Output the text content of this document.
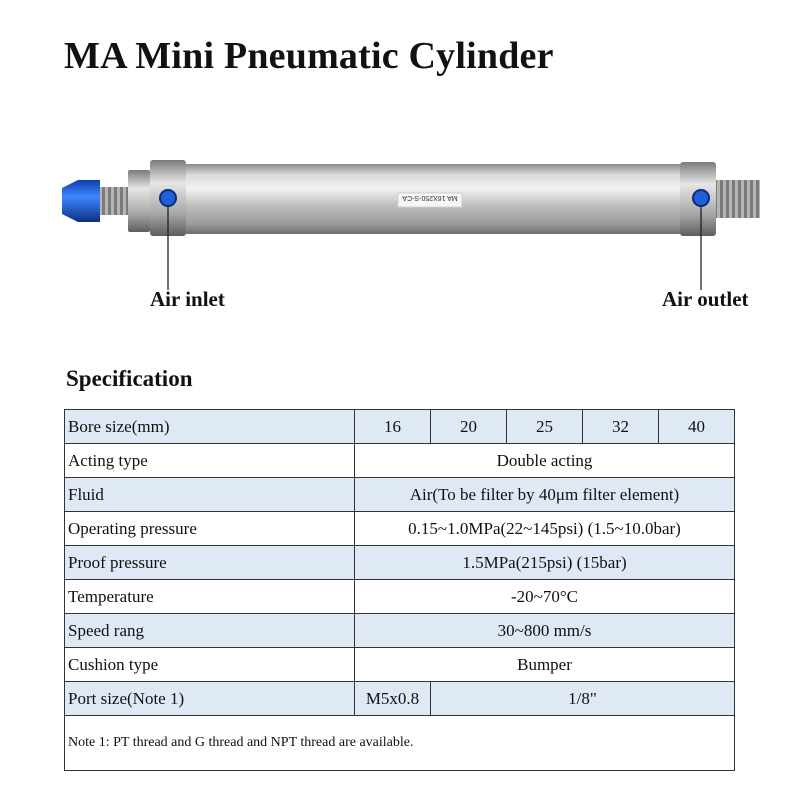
MA Mini Pneumatic Cylinder
MA 16X250-S-CA
Air inlet	Air outlet
Specification
Bore size(mm)	16	20	25	32	40
Acting type	Double acting				
Fluid	Air(To be filter by 40μm filter element)				
Operating pressure	0.15~1.0MPa(22~145psi) (1.5~10.0bar)				
Proof pressure	1.5MPa(215psi) (15bar)				
Temperature	-20~70°C				
Speed rang	30~800 mm/s				
Cushion type	Bumper				
Port size(Note 1)	M5x0.8	1/8"			
Note 1: PT thread and G thread and NPT thread are available.					
